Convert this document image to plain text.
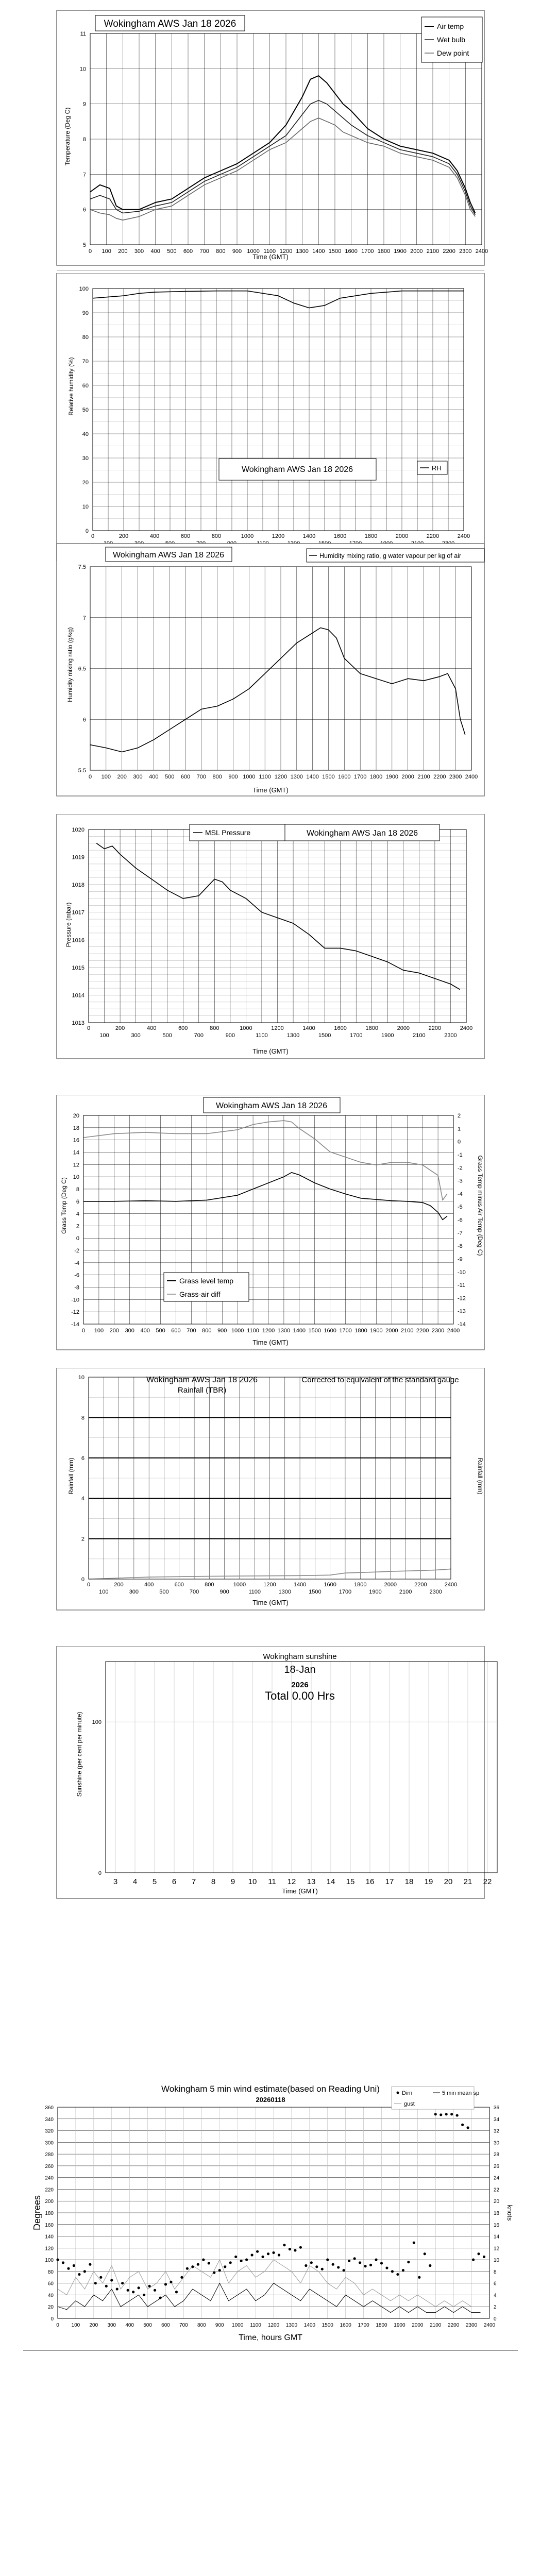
5
6
7
8
9
10
11
0 100 200 300 400 500 600 700 800 900 1000 1100 1200 1300 1400 1500 1600 1700 1800 1900 2000 2100 2200 2300 2400
Wokingham AWS Jan 18 2026	Air temp
Wet bulb
Dew point
Temperature (Deg C)
Time (GMT)
0
10
20
30
40
50
60
70
80
90
100
0	200	400	600	800	1000	1200	1400	1600	1800	2000	2200	2400
Wokingham AWS Jan 18 2026	RH
Relative humidity (%)
5.5
6
6.5
7
7.5
0 100 200 300 400 500 600 700 800 900 1000 1100 1200 1300 1400 1500 1600 1700 1800 1900 2000 2100 2200 2300 2400
Wokingham AWS Jan 18 2026	Humidity mixing ratio, g water vapour per kg of air
Humidity mixing ratio (g/kg)
Time (GMT)
1013
1014
1015
1016
1017
1018
1019
1020
0	200	400	600	800	1000	1200	1400	1600	1800	2000	2200	2400
100	300	500	700	900	1100	1300	1500	1700	1900	2100	2300
MSL Pressure	Wokingham AWS Jan 18 2026
Pressure (mbar)
Time (GMT)
-14
-12
-10
-8
-6
-4
-2
0
2
4
6
8
10
12
14
16
18
20
-14
-13
-12
-11
-10
-9
-8
-7
-6
-5
-4
-3
-2
-1
0
1
2
0 100 200 300 400 500 600 700 800 900 1000 1100 1200 1300 1400 1500 1600 1700 1800 1900 2000 2100 2200 2300 2400
Wokingham AWS Jan 18 2026
Grass level temp
Grass-air diff
Grass Temp (Deg C)	Grass Temp minus Air Temp (Deg C)
Time (GMT)
0
2
4
6
8
10
0	200	400	600	800	1000	1200	1400	1600	1800	2000	2200	2400
100	300	500	700	900	1100	1300	1500	1700	1900	2100	2300
Wokingham AWS Jan 18 2026
Rainfall (TBR)
Corrected to equivalent of the standard gauge
Rainfall (mm)	Rainfall (mm)
Time (GMT)
0
100
3 4 5 6 7 8 9 10 11 12 13 14 15 16 17 18 19 20 21 22
Wokingham sunshine
18-Jan
2026
Total 0.00 Hrs
Sunshine (per cent per minute)
Time (GMT)
0
20
40
60
80
100
120
140
160
180
200
220
240
260
280
300
320
340
360
0
2
4
6
8
10
12
14
16
18
20
22
24
26
28
30
32
34
36
0 100 200 300 400 500 600 700 800 900 1000 1100 1200 1300 1400 1500 1600 1700 1800 1900 2000 2100 2200 2300 2400
Wokingham 5 min wind estimate(based on Reading Uni)
20260118
Dirn	5 min mean sp
gust
Degrees	knots
Time, hours GMT
